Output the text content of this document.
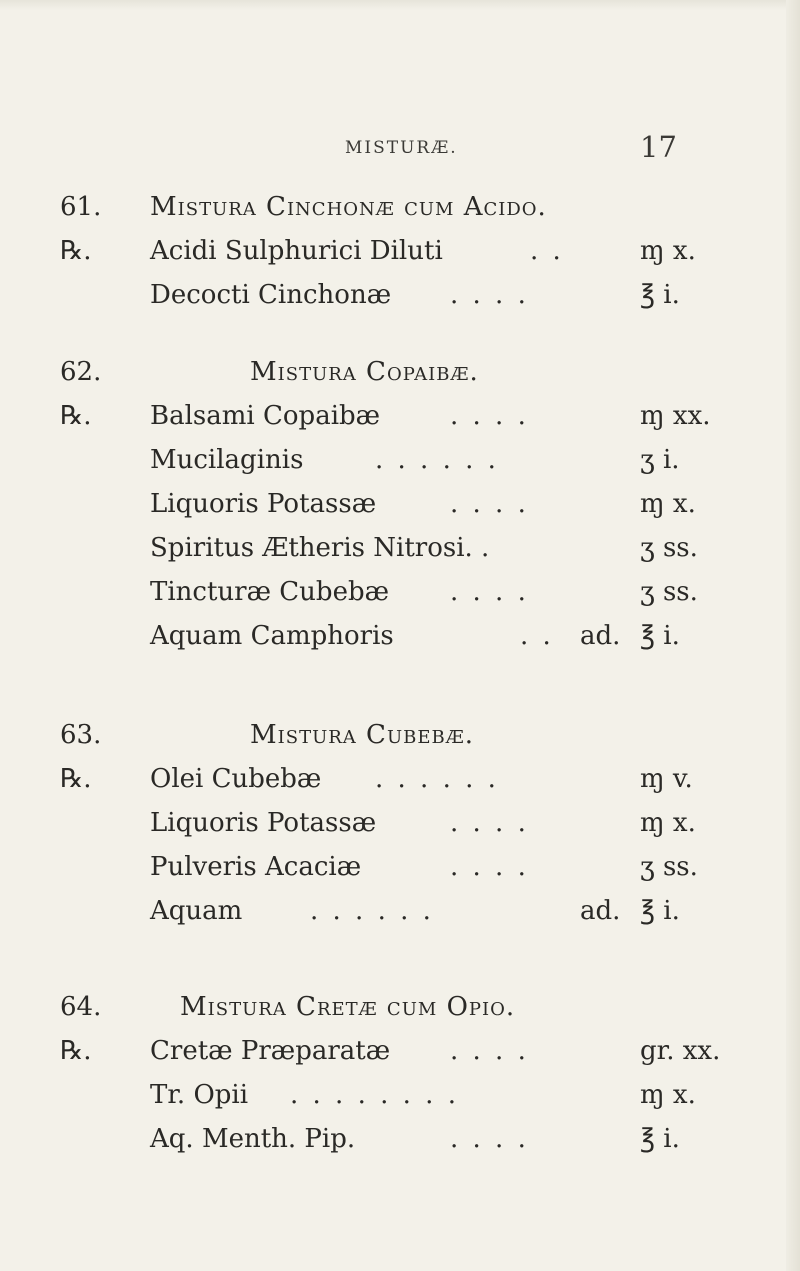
MISTURÆ.	17
61. Mistura Cinchonæ cum Acido.
℞. Acidi Sulphurici Diluti	. .	ɱ x.
Decocti Cinchonæ	. . . .	℥ i.
62.	Mistura Copaibæ.
℞. Balsami Copaibæ	. . . .	ɱ xx.
Mucilaginis	. . . . . .	ʒ i.
Liquoris Potassæ	. . . .	ɱ x.
Spiritus Ætheris Nitrosi. .	ʒ ss.
Tincturæ Cubebæ	. . . .	ʒ ss.
Aquam Camphoris	. . ad. ℥ i.
63.	Mistura Cubebæ.
℞. Olei Cubebæ	. . . . . .	ɱ v.
Liquoris Potassæ	. . . .	ɱ x.
Pulveris Acaciæ	. . . .	ʒ ss.
Aquam	. . . . . .	ad. ℥ i.
64.	Mistura Cretæ cum Opio.
℞. Cretæ Præparatæ	. . . .	gr. xx.
Tr. Opii	. . . . . . . .	ɱ x.
Aq. Menth. Pip.	. . . .	℥ i.
